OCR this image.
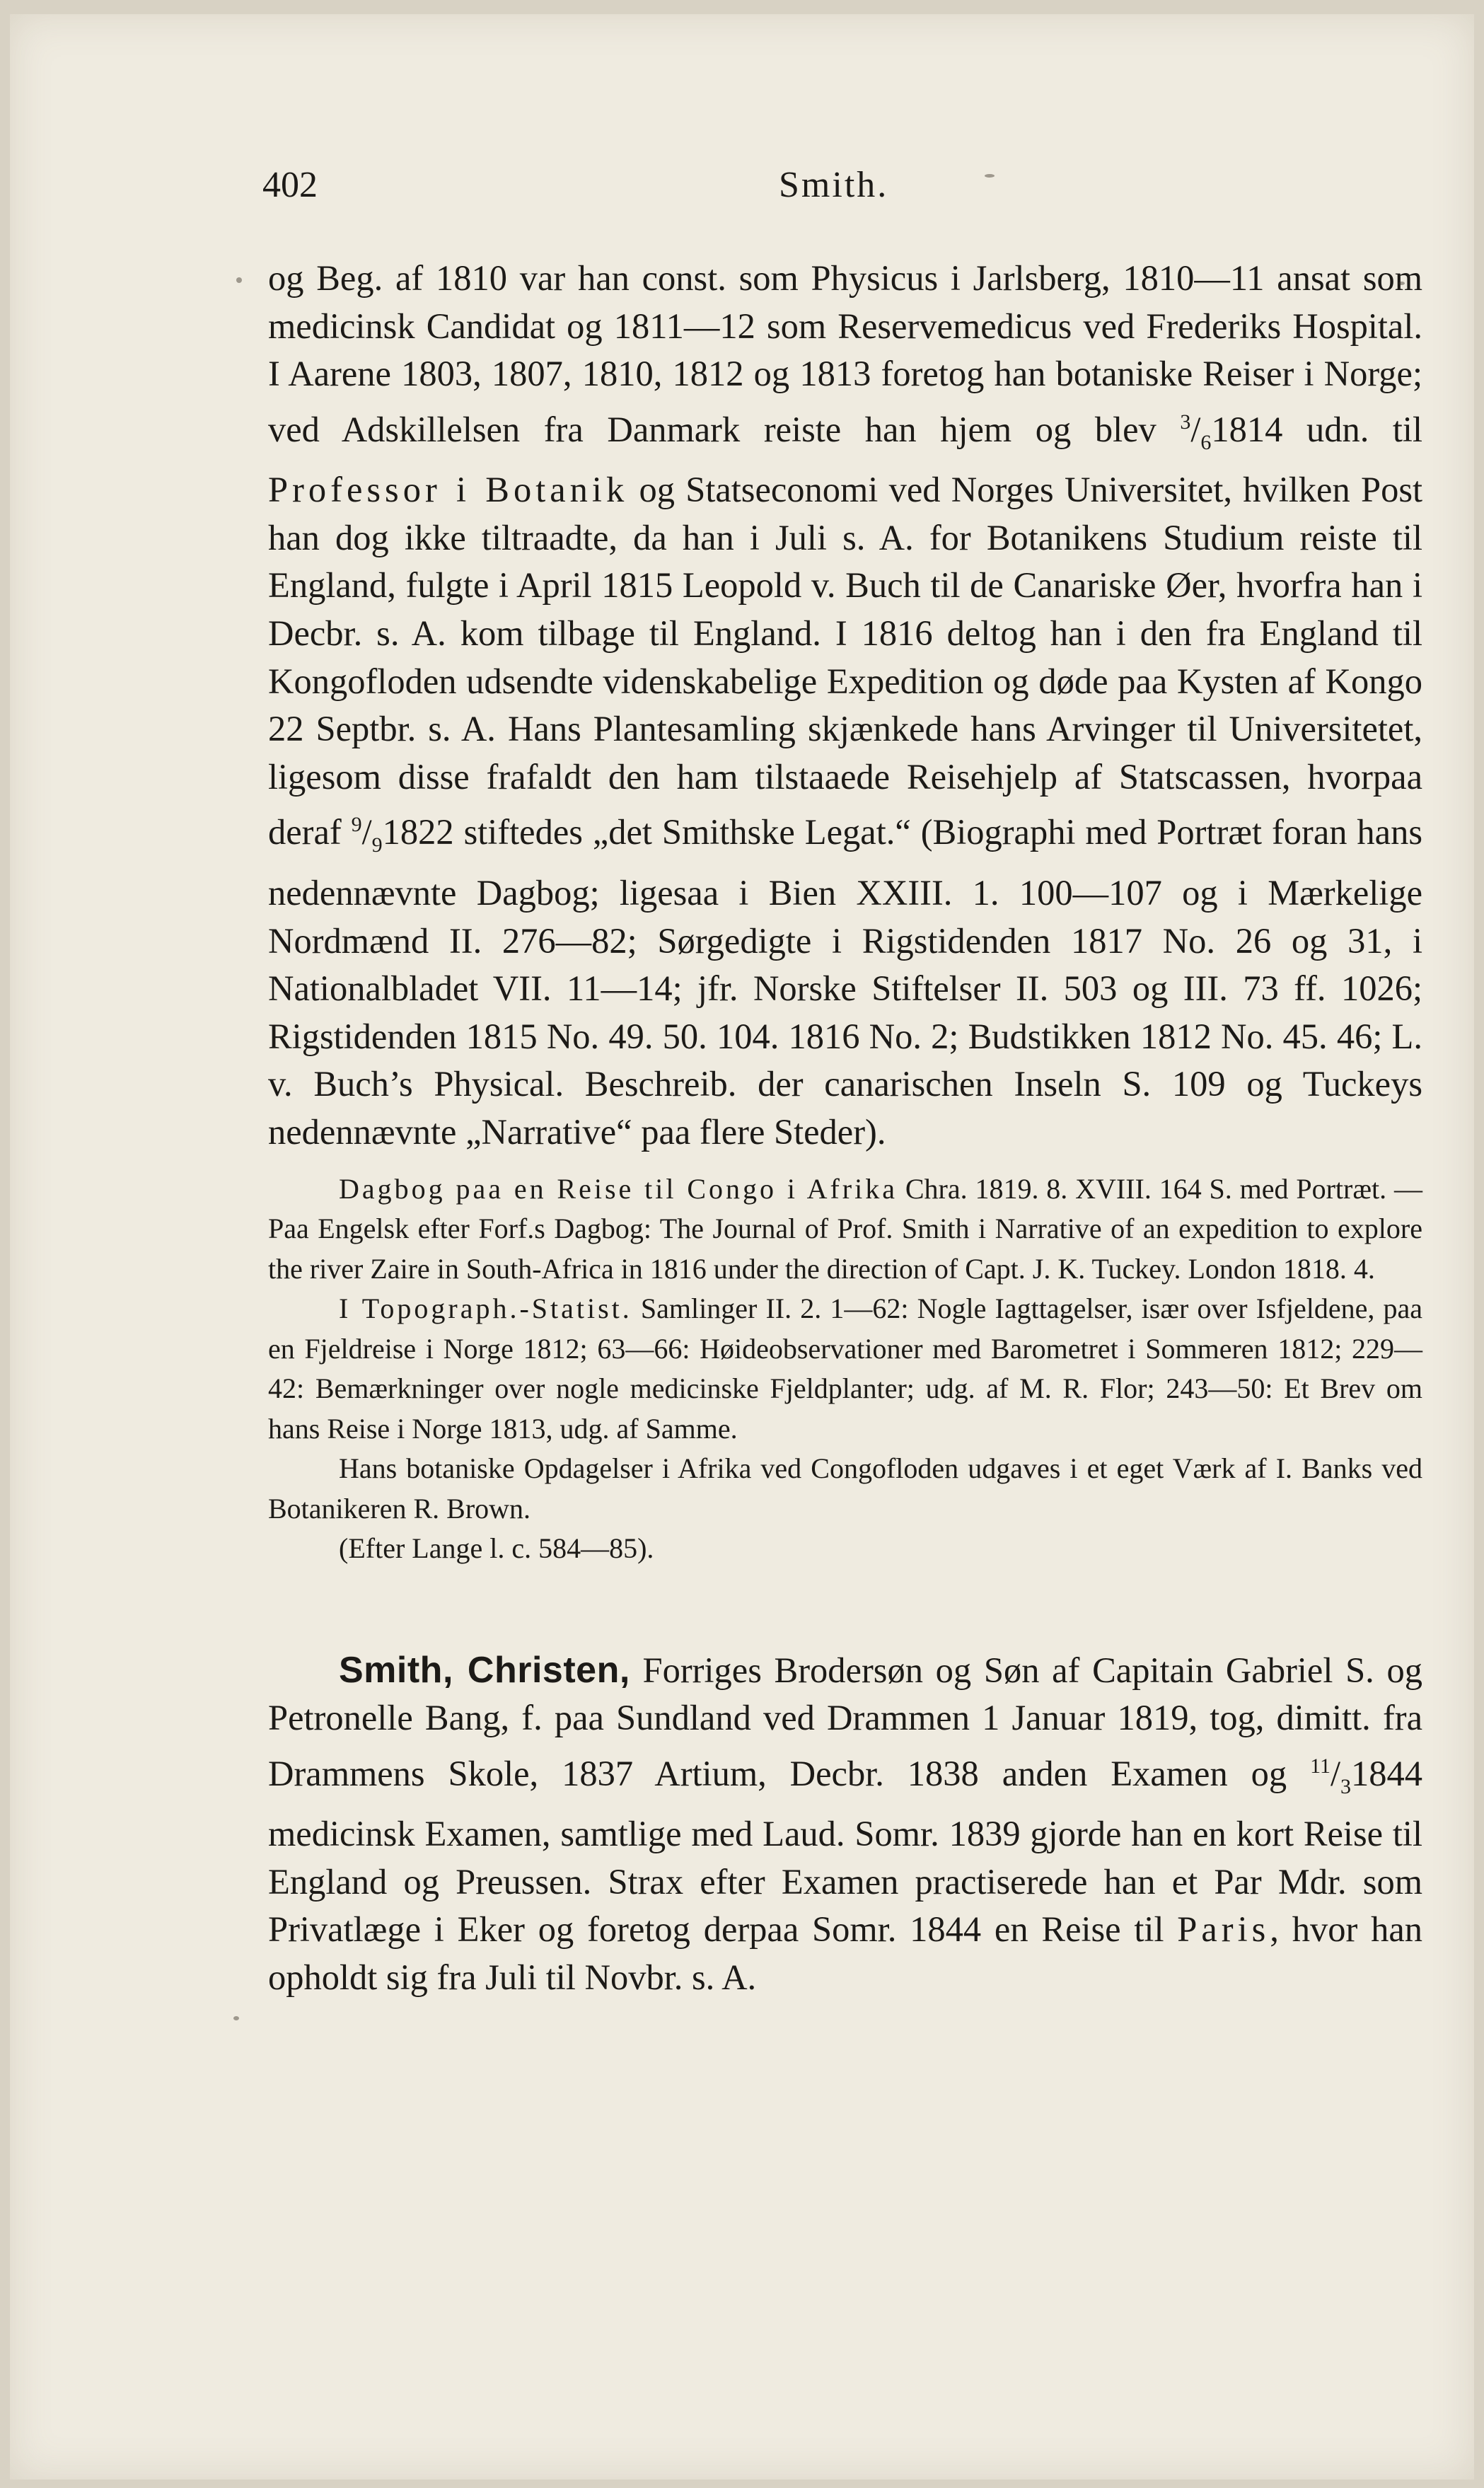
402	Smith.

og Beg. af 1810 var han const. som Physicus i Jarlsberg, 1810—11 ansat som medicinsk Candidat og 1811—12 som Reservemedicus ved Frederiks Hospital. I Aarene 1803, 1807, 1810, 1812 og 1813 foretog han botaniske Reiser i Norge; ved Adskillelsen fra Danmark reiste han hjem og blev $^3/_61814$ udn. til Professor i Botanik og Statseconomi ved Norges Universitet, hvilken Post han dog ikke tiltraadte, da han i Juli s. A. for Botanikens Studium reiste til England, fulgte i April 1815 Leopold v. Buch til de Canariske Øer, hvorfra han i Decbr. s. A. kom tilbage til England. I 1816 deltog han i den fra England til Kongofloden udsendte videnskabelige Expedition og døde paa Kysten af Kongo 22 Septbr. s. A. Hans Plantesamling skjænkede hans Arvinger til Universitetet, ligesom disse frafaldt den ham tilstaaede Reisehjelp af Statscassen, hvorpaa deraf $^9/_91822$ stiftedes „det Smithske Legat.“ (Biographi med Portræt foran hans nedennævnte Dagbog; ligesaa i Bien XXIII. 1. 100—107 og i Mærkelige Nordmænd II. 276—82; Sørgedigte i Rigstidenden 1817 No. 26 og 31, i Nationalbladet VII. 11—14; jfr. Norske Stiftelser II. 503 og III. 73 ff. 1026; Rigstidenden 1815 No. 49. 50. 104. 1816 No. 2; Budstikken 1812 No. 45. 46; L. v. Buch’s Physical. Beschreib. der canarischen Inseln S. 109 og Tuckeys nedennævnte „Narrative“ paa flere Steder).

Dagbog paa en Reise til Congo i Afrika Chra. 1819. 8. XVIII. 164 S. med Portræt. — Paa Engelsk efter Forf.s Dagbog: The Journal of Prof. Smith i Narrative of an expedition to explore the river Zaire in South-Africa in 1816 under the direction of Capt. J. K. Tuckey. London 1818. 4.

I Topograph.-Statist. Samlinger II. 2. 1—62: Nogle Iagttagelser, især over Isfjeldene, paa en Fjeldreise i Norge 1812; 63—66: Høideobservationer med Barometret i Sommeren 1812; 229—42: Bemærkninger over nogle medicinske Fjeldplanter; udg. af M. R. Flor; 243—50: Et Brev om hans Reise i Norge 1813, udg. af Samme.

Hans botaniske Opdagelser i Afrika ved Congofloden udgaves i et eget Værk af I. Banks ved Botanikeren R. Brown.

(Efter Lange l. c. 584—85).

Smith, Christen, Forriges Brodersøn og Søn af Capitain Gabriel S. og Petronelle Bang, f. paa Sundland ved Drammen 1 Januar 1819, tog, dimitt. fra Drammens Skole, 1837 Artium, Decbr. 1838 anden Examen og $^{11}/_31844$ medicinsk Examen, samtlige med Laud. Somr. 1839 gjorde han en kort Reise til England og Preussen. Strax efter Examen practiserede han et Par Mdr. som Privatlæge i Eker og foretog derpaa Somr. 1844 en Reise til Paris, hvor han opholdt sig fra Juli til Novbr. s. A.
